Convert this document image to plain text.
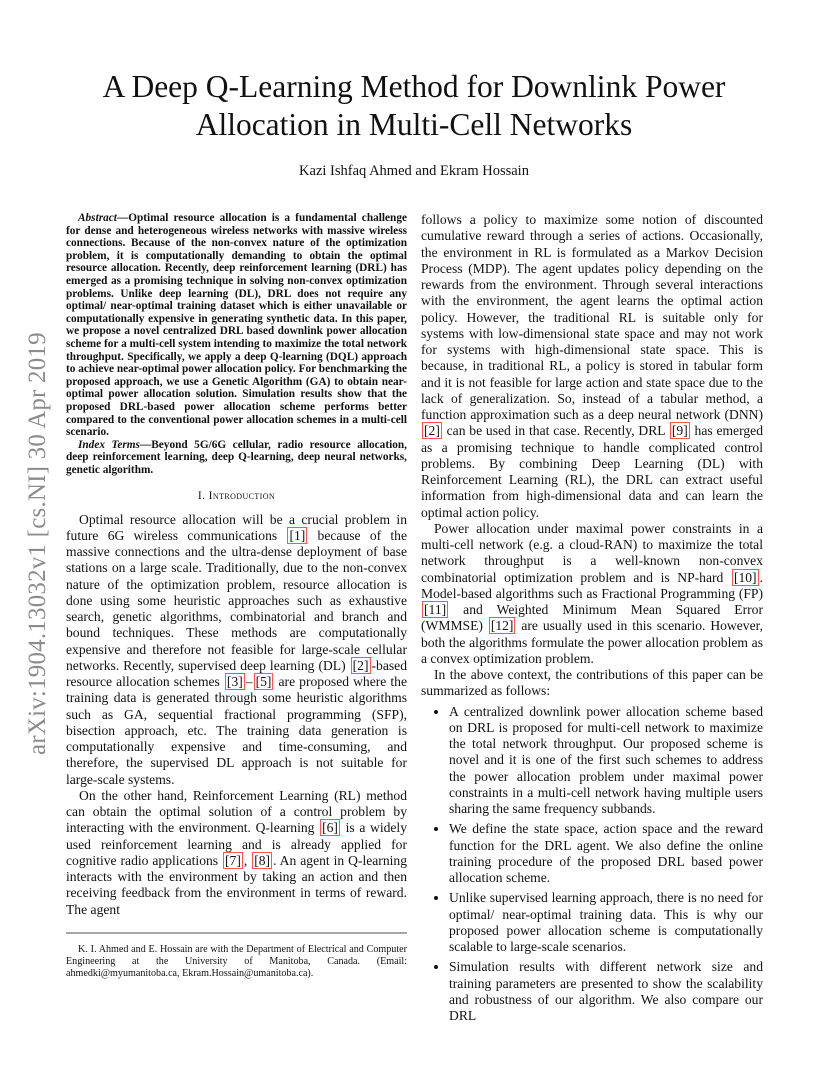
arXiv:1904.13032v1 [cs.NI] 30 Apr 2019
A Deep Q-Learning Method for Downlink Power Allocation in Multi-Cell Networks
Kazi Ishfaq Ahmed and Ekram Hossain

Abstract—Optimal resource allocation is a fundamental challenge for dense and heterogeneous wireless networks with massive wireless connections. Because of the non-convex nature of the optimization problem, it is computationally demanding to obtain the optimal resource allocation. Recently, deep reinforcement learning (DRL) has emerged as a promising technique in solving non-convex optimization problems. Unlike deep learning (DL), DRL does not require any optimal/ near-optimal training dataset which is either unavailable or computationally expensive in generating synthetic data. In this paper, we propose a novel centralized DRL based downlink power allocation scheme for a multi-cell system intending to maximize the total network throughput. Specifically, we apply a deep Q-learning (DQL) approach to achieve near-optimal power allocation policy. For benchmarking the proposed approach, we use a Genetic Algorithm (GA) to obtain near-optimal power allocation solution. Simulation results show that the proposed DRL-based power allocation scheme performs better compared to the conventional power allocation schemes in a multi-cell scenario.

Index Terms—Beyond 5G/6G cellular, radio resource allocation, deep reinforcement learning, deep Q-learning, deep neural networks, genetic algorithm.

I. Introduction

Optimal resource allocation will be a crucial problem in future 6G wireless communications [1] because of the massive connections and the ultra-dense deployment of base stations on a large scale. Traditionally, due to the non-convex nature of the optimization problem, resource allocation is done using some heuristic approaches such as exhaustive search, genetic algorithms, combinatorial and branch and bound techniques. These methods are computationally expensive and therefore not feasible for large-scale cellular networks. Recently, supervised deep learning (DL) [2] -based resource allocation schemes [3] – [5] are proposed where the training data is generated through some heuristic algorithms such as GA, sequential fractional programming (SFP), bisection approach, etc. The training data generation is computationally expensive and time-consuming, and therefore, the supervised DL approach is not suitable for large-scale systems.

On the other hand, Reinforcement Learning (RL) method can obtain the optimal solution of a control problem by interacting with the environment. Q-learning [6] is a widely used reinforcement learning and is already applied for cognitive radio applications [7] , [8] . An agent in Q-learning interacts with the environment by taking an action and then receiving feedback from the environment in terms of reward. The agent

K. I. Ahmed and E. Hossain are with the Department of Electrical and Computer Engineering at the University of Manitoba, Canada. (Email: ahmedki@myumanitoba.ca, Ekram.Hossain@umanitoba.ca).

follows a policy to maximize some notion of discounted cumulative reward through a series of actions. Occasionally, the environment in RL is formulated as a Markov Decision Process (MDP). The agent updates policy depending on the rewards from the environment. Through several interactions with the environment, the agent learns the optimal action policy. However, the traditional RL is suitable only for systems with low-dimensional state space and may not work for systems with high-dimensional state space. This is because, in traditional RL, a policy is stored in tabular form and it is not feasible for large action and state space due to the lack of generalization. So, instead of a tabular method, a function approximation such as a deep neural network (DNN) [2] can be used in that case. Recently, DRL [9] has emerged as a promising technique to handle complicated control problems. By combining Deep Learning (DL) with Reinforcement Learning (RL), the DRL can extract useful information from high-dimensional data and can learn the optimal action policy.

Power allocation under maximal power constraints in a multi-cell network (e.g. a cloud-RAN) to maximize the total network throughput is a well-known non-convex combinatorial optimization problem and is NP-hard [10] . Model-based algorithms such as Fractional Programming (FP) [11] and Weighted Minimum Mean Squared Error (WMMSE) [12] are usually used in this scenario. However, both the algorithms formulate the power allocation problem as a convex optimization problem.

In the above context, the contributions of this paper can be summarized as follows:

• A centralized downlink power allocation scheme based on DRL is proposed for multi-cell network to maximize the total network throughput. Our proposed scheme is novel and it is one of the first such schemes to address the power allocation problem under maximal power constraints in a multi-cell network having multiple users sharing the same frequency subbands.
• We define the state space, action space and the reward function for the DRL agent. We also define the online training procedure of the proposed DRL based power allocation scheme.
• Unlike supervised learning approach, there is no need for optimal/ near-optimal training data. This is why our proposed power allocation scheme is computationally scalable to large-scale scenarios.
• Simulation results with different network size and training parameters are presented to show the scalability and robustness of our algorithm. We also compare our DRL
